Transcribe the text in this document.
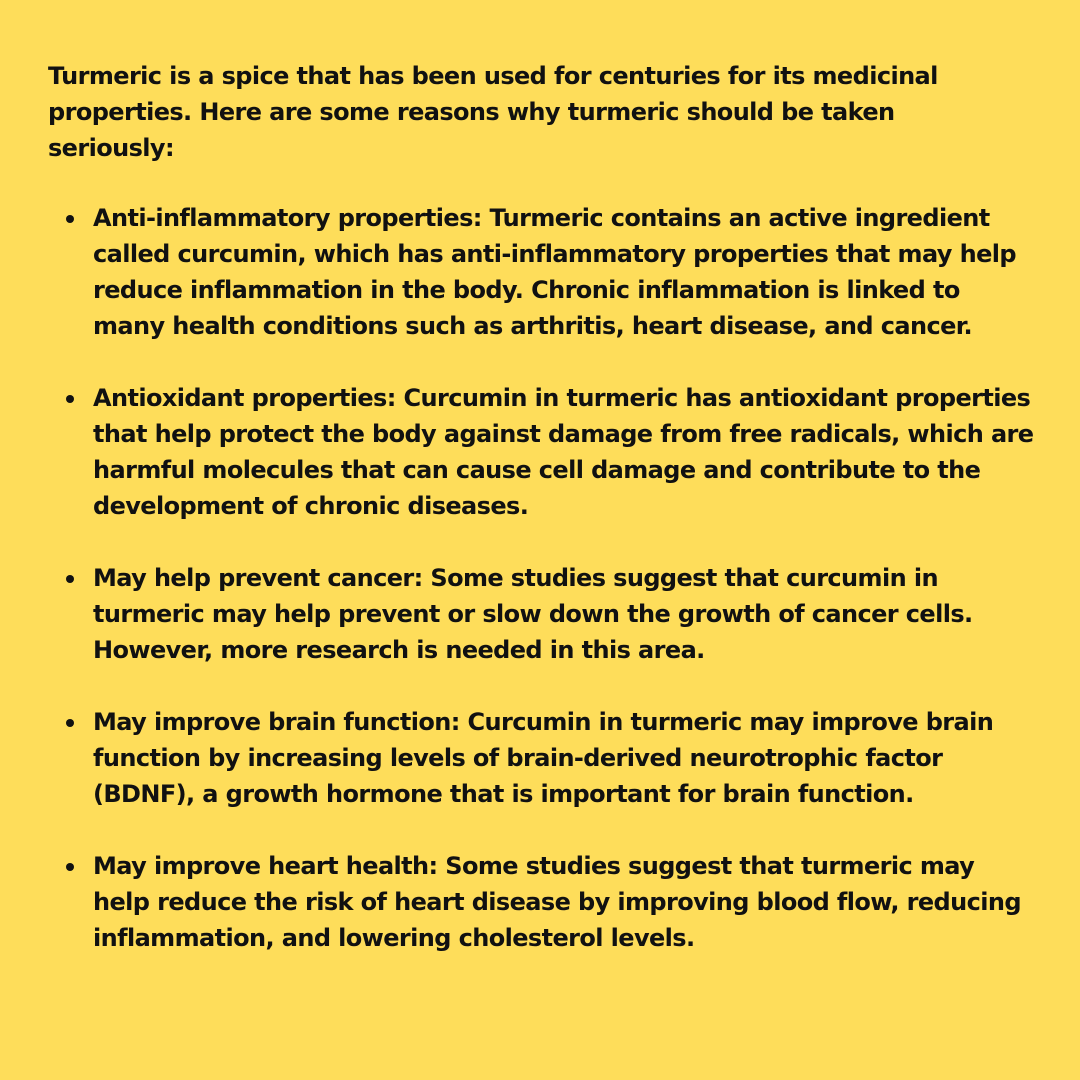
Turmeric is a spice that has been used for centuries for its medicinal properties. Here are some reasons why turmeric should be taken seriously:

Anti-inflammatory properties: Turmeric contains an active ingredient called curcumin, which has anti-inflammatory properties that may help reduce inflammation in the body. Chronic inflammation is linked to many health conditions such as arthritis, heart disease, and cancer.
Antioxidant properties: Curcumin in turmeric has antioxidant properties that help protect the body against damage from free radicals, which are harmful molecules that can cause cell damage and contribute to the development of chronic diseases.
May help prevent cancer: Some studies suggest that curcumin in turmeric may help prevent or slow down the growth of cancer cells. However, more research is needed in this area.
May improve brain function: Curcumin in turmeric may improve brain function by increasing levels of brain-derived neurotrophic factor (BDNF), a growth hormone that is important for brain function.
May improve heart health: Some studies suggest that turmeric may help reduce the risk of heart disease by improving blood flow, reducing inflammation, and lowering cholesterol levels.
